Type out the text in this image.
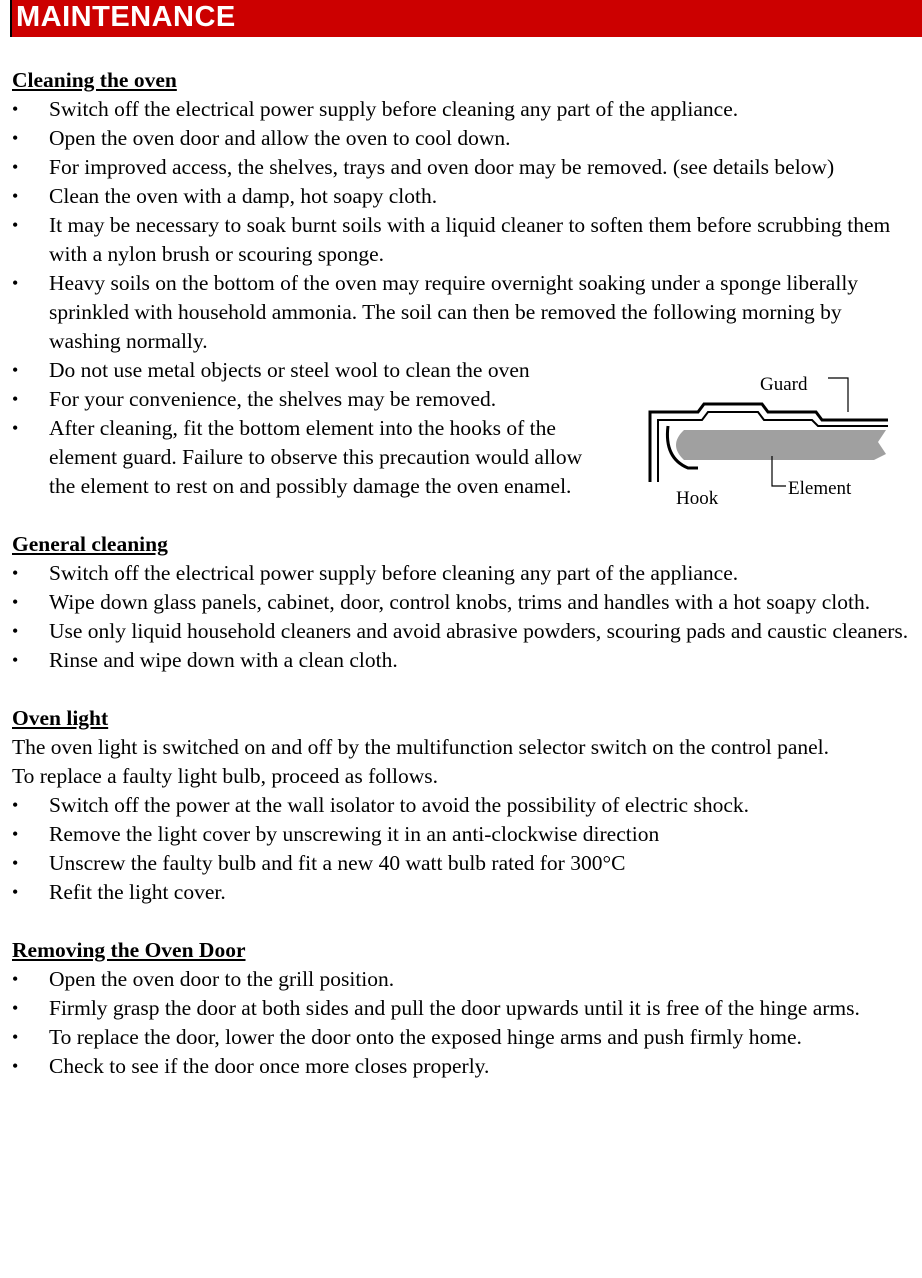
MAINTENANCE
Cleaning the oven
• Switch off the electrical power supply before cleaning any part of the appliance.
• Open the oven door and allow the oven to cool down.
• For improved access, the shelves, trays and oven door may be removed. (see details below)
• Clean the oven with a damp, hot soapy cloth.
• It may be necessary to soak burnt soils with a liquid cleaner to soften them before scrubbing them with a nylon brush or scouring sponge.
• Heavy soils on the bottom of the oven may require overnight soaking under a sponge liberally sprinkled with household ammonia. The soil can then be removed the following morning by washing normally.
• Do not use metal objects or steel wool to clean the oven
• For your convenience, the shelves may be removed.
• After cleaning, fit the bottom element into the hooks of the element guard. Failure to observe this precaution would allow the element to rest on and possibly damage the oven enamel.
General cleaning
• Switch off the electrical power supply before cleaning any part of the appliance.
• Wipe down glass panels, cabinet, door, control knobs, trims and handles with a hot soapy cloth.
• Use only liquid household cleaners and avoid abrasive powders, scouring pads and caustic cleaners.
• Rinse and wipe down with a clean cloth.
Oven light

The oven light is switched on and off by the multifunction selector switch on the control panel.

To replace a faulty light bulb, proceed as follows.

• Switch off the power at the wall isolator to avoid the possibility of electric shock.
• Remove the light cover by unscrewing it in an anti-clockwise direction
• Unscrew the faulty bulb and fit a new 40 watt bulb rated for 300°C
• Refit the light cover.
Removing the Oven Door
• Open the oven door to the grill position.
• Firmly grasp the door at both sides and pull the door upwards until it is free of the hinge arms.
• To replace the door, lower the door onto the exposed hinge arms and push firmly home.
• Check to see if the door once more closes properly.
Guard
Hook	Element
